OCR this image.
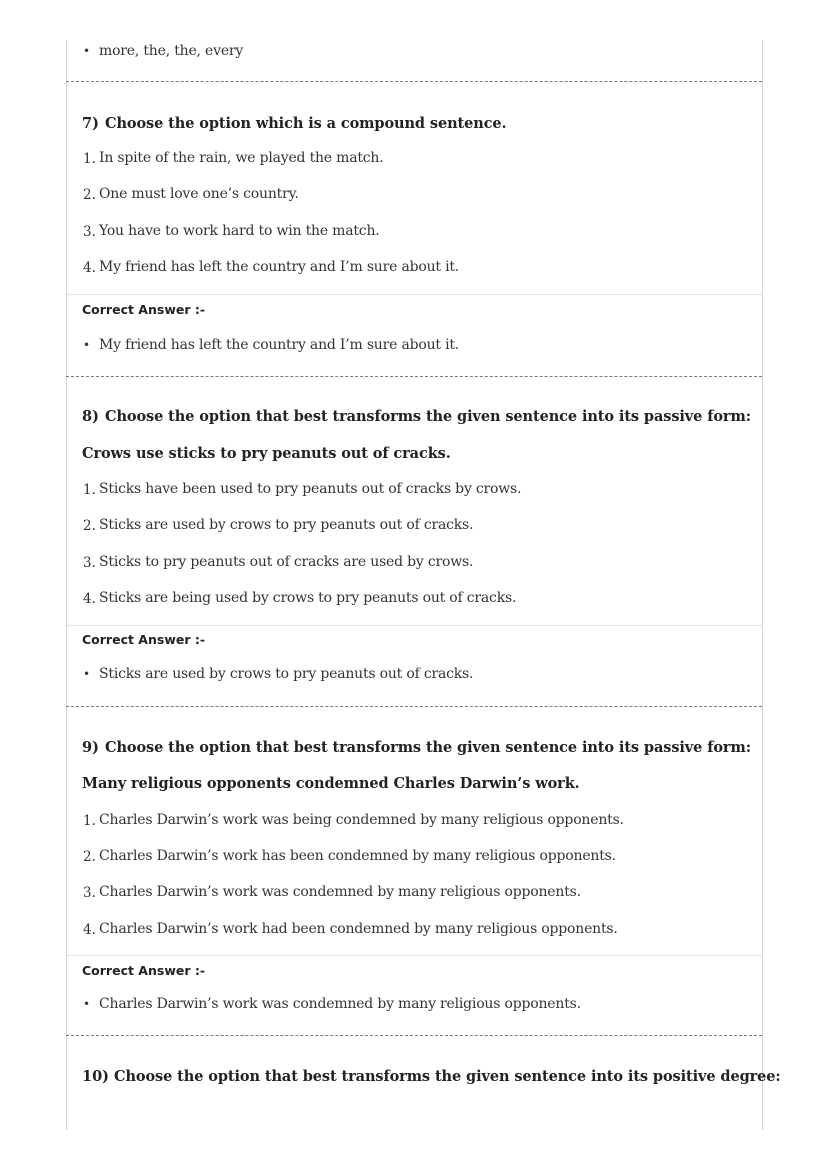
• more, the, the, every
7) Choose the option which is a compound sentence.
1. In spite of the rain, we played the match.
2. One must love one’s country.
3. You have to work hard to win the match.
4. My friend has left the country and I’m sure about it.
Correct Answer :-
• My friend has left the country and I’m sure about it.
8) Choose the option that best transforms the given sentence into its passive form:
Crows use sticks to pry peanuts out of cracks.
1. Sticks have been used to pry peanuts out of cracks by crows.
2. Sticks are used by crows to pry peanuts out of cracks.
3. Sticks to pry peanuts out of cracks are used by crows.
4. Sticks are being used by crows to pry peanuts out of cracks.
Correct Answer :-
• Sticks are used by crows to pry peanuts out of cracks.
9) Choose the option that best transforms the given sentence into its passive form:
Many religious opponents condemned Charles Darwin’s work.
1. Charles Darwin’s work was being condemned by many religious opponents.
2. Charles Darwin’s work has been condemned by many religious opponents.
3. Charles Darwin’s work was condemned by many religious opponents.
4. Charles Darwin’s work had been condemned by many religious opponents.
Correct Answer :-
• Charles Darwin’s work was condemned by many religious opponents.
10) Choose the option that best transforms the given sentence into its positive degree:
